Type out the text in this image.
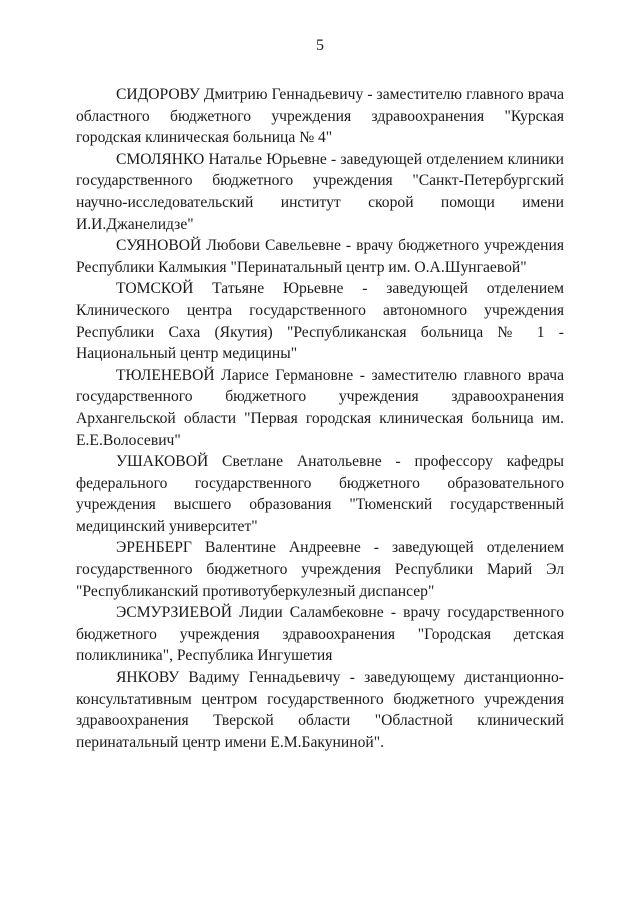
5

СИДОРОВУ Дмитрию Геннадьевичу - заместителю главного врача областного бюджетного учреждения здравоохранения "Курская городская клиническая больница № 4"

СМОЛЯНКО Наталье Юрьевне - заведующей отделением клиники государственного бюджетного учреждения "Санкт-Петербургский научно-исследовательский институт скорой помощи имени И.И.Джанелидзе"

СУЯНОВОЙ Любови Савельевне - врачу бюджетного учреждения Республики Калмыкия "Перинатальный центр им. О.А.Шунгаевой"

ТОМСКОЙ Татьяне Юрьевне - заведующей отделением Клинического центра государственного автономного учреждения Республики Саха (Якутия) "Республиканская больница № 1 - Национальный центр медицины"

ТЮЛЕНЕВОЙ Ларисе Германовне - заместителю главного врача государственного бюджетного учреждения здравоохранения Архангельской области "Первая городская клиническая больница им. Е.Е.Волосевич"

УШАКОВОЙ Светлане Анатольевне - профессору кафедры федерального государственного бюджетного образовательного учреждения высшего образования "Тюменский государственный медицинский университет"

ЭРЕНБЕРГ Валентине Андреевне - заведующей отделением государственного бюджетного учреждения Республики Марий Эл "Республиканский противотуберкулезный диспансер"

ЭСМУРЗИЕВОЙ Лидии Саламбековне - врачу государственного бюджетного учреждения здравоохранения "Городская детская поликлиника", Республика Ингушетия

ЯНКОВУ Вадиму Геннадьевичу - заведующему дистанционно-консультативным центром государственного бюджетного учреждения здравоохранения Тверской области "Областной клинический перинатальный центр имени Е.М.Бакуниной".
